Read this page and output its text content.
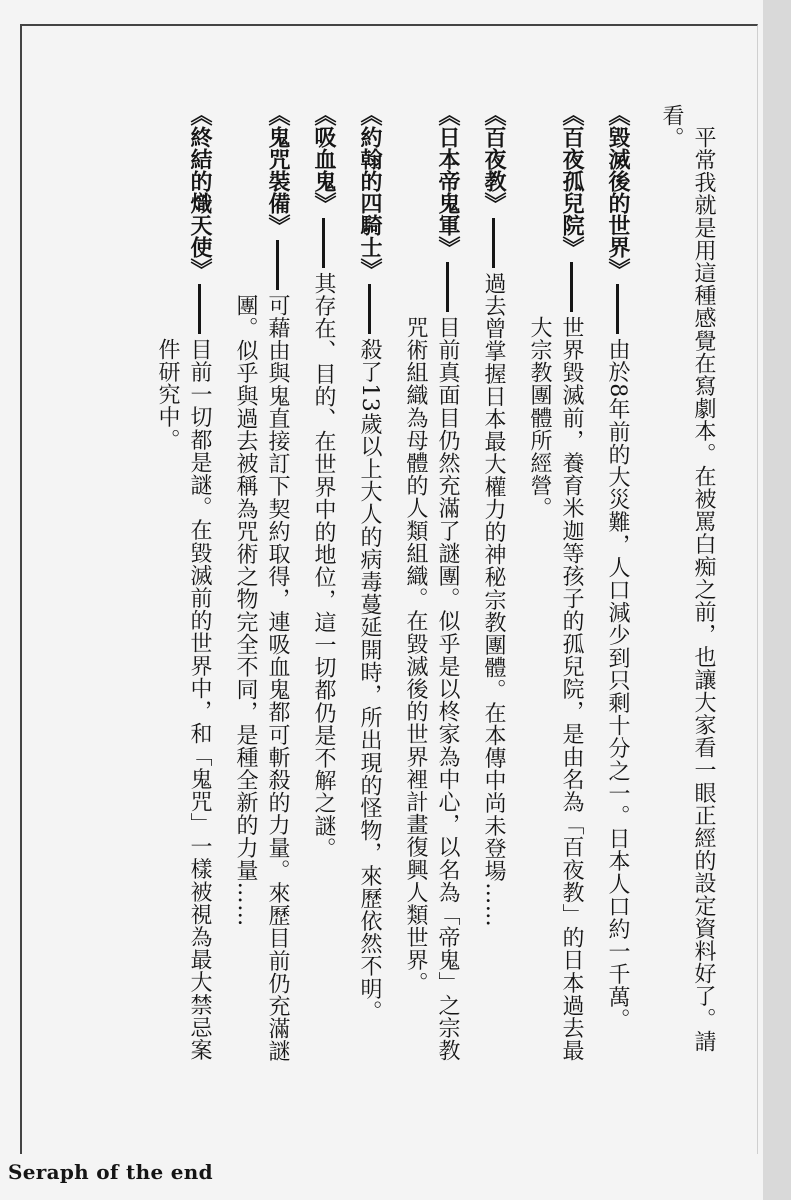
平常我就是用這種感覺在寫劇本。在被罵白痴之前，也讓大家看一眼正經的設定資料好了。請看。

《毀滅後的世界》
由於8年前的大災難，人口減少到只剩十分之一。日本人口約一千萬。
《百夜孤兒院》
世界毀滅前，養育米迦等孩子的孤兒院，是由名為「百夜教」的日本過去最大宗教團體所經營。
《百夜教》
過去曾掌握日本最大權力的神秘宗教團體。在本傳中尚未登場……
《日本帝鬼軍》
目前真面目仍然充滿了謎團。似乎是以柊家為中心，以名為「帝鬼」之宗教咒術組織為母體的人類組織。在毀滅後的世界裡計畫復興人類世界。
《約翰的四騎士》
殺了13歲以上大人的病毒蔓延開時，所出現的怪物，來歷依然不明。
《吸血鬼》
其存在、目的、在世界中的地位，這一切都仍是不解之謎。
《鬼咒裝備》
可藉由與鬼直接訂下契約取得，連吸血鬼都可斬殺的力量。來歷目前仍充滿謎團。似乎與過去被稱為咒術之物完全不同，是種全新的力量……
《終結的熾天使》
目前一切都是謎。在毀滅前的世界中，和「鬼咒」一樣被視為最大禁忌案件研究中。
Seraph of the end
